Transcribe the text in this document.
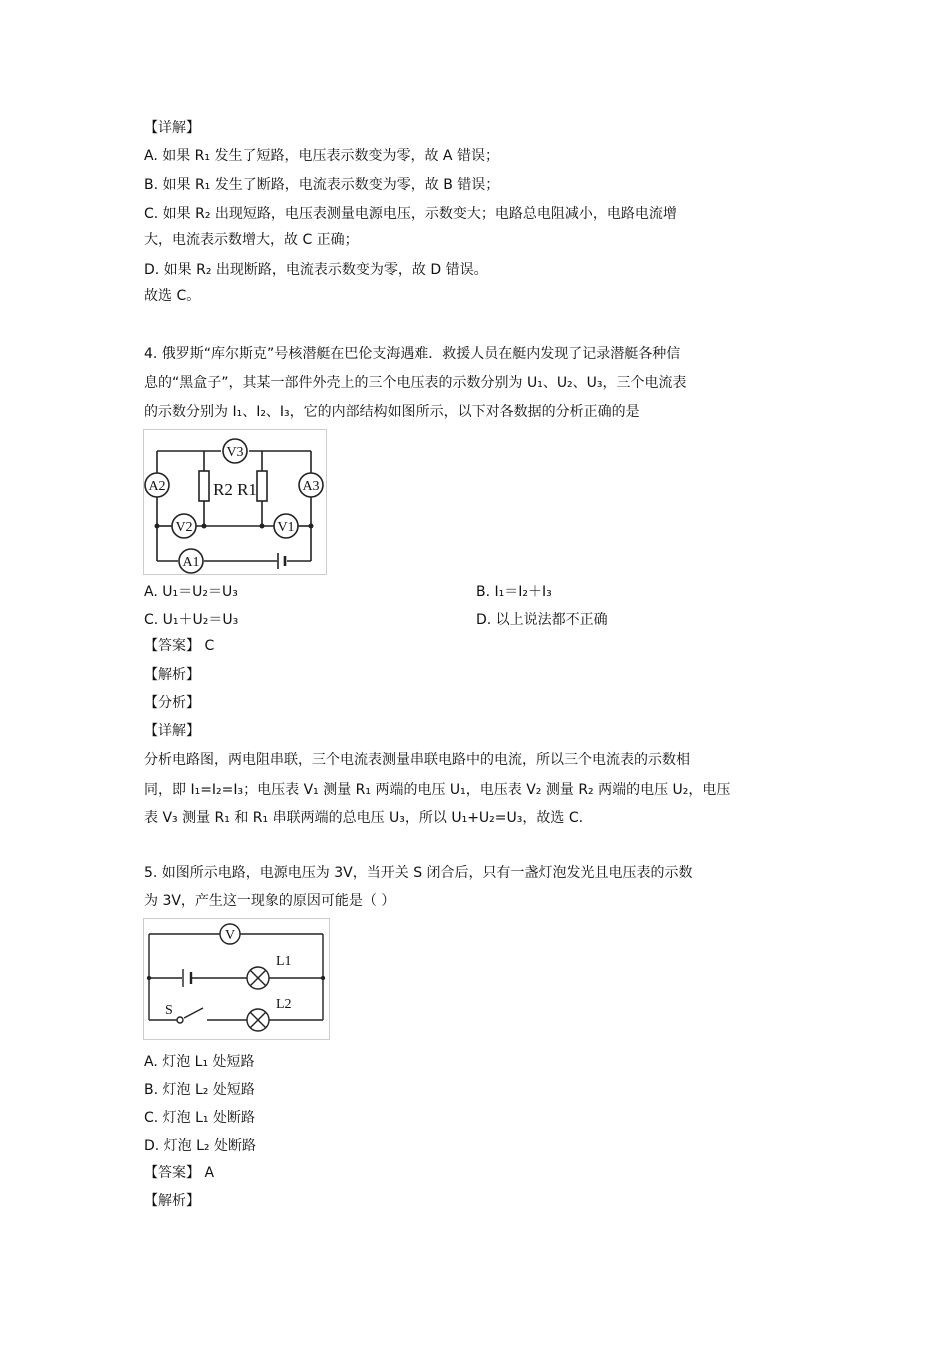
【详解】
A. 如果 R₁ 发生了短路，电压表示数变为零，故 A 错误；
B. 如果 R₁ 发生了断路，电流表示数变为零，故 B 错误；
C. 如果 R₂ 出现短路，电压表测量电源电压，示数变大；电路总电阻减小，电路电流增
大，电流表示数增大，故 C 正确；
D. 如果 R₂ 出现断路，电流表示数变为零，故 D 错误。
故选 C。
4. 俄罗斯“库尔斯克”号核潜艇在巴伦支海遇难．救援人员在艇内发现了记录潜艇各种信
息的“黑盒子”，其某一部件外壳上的三个电压表的示数分别为 U₁、U₂、U₃，三个电流表
的示数分别为 I₁、I₂、I₃，它的内部结构如图所示，以下对各数据的分析正确的是
V3
A2	R2 R1	A3
V2	V1
A1
A. U₁＝U₂＝U₃	B. I₁＝I₂＋I₃
C. U₁＋U₂＝U₃	D. 以上说法都不正确
【答案】 C
【解析】
【分析】
【详解】
分析电路图，两电阻串联，三个电流表测量串联电路中的电流，所以三个电流表的示数相
同，即 I₁=I₂=I₃；电压表 V₁ 测量 R₁ 两端的电压 U₁，电压表 V₂ 测量 R₂ 两端的电压 U₂，电压
表 V₃ 测量 R₁ 和 R₁ 串联两端的总电压 U₃，所以 U₁+U₂=U₃，故选 C.
5. 如图所示电路，电源电压为 3V，当开关 S 闭合后，只有一盏灯泡发光且电压表的示数
为 3V，产生这一现象的原因可能是（ ）
V
L1
S	L2
A. 灯泡 L₁ 处短路
B. 灯泡 L₂ 处短路
C. 灯泡 L₁ 处断路
D. 灯泡 L₂ 处断路
【答案】 A
【解析】
